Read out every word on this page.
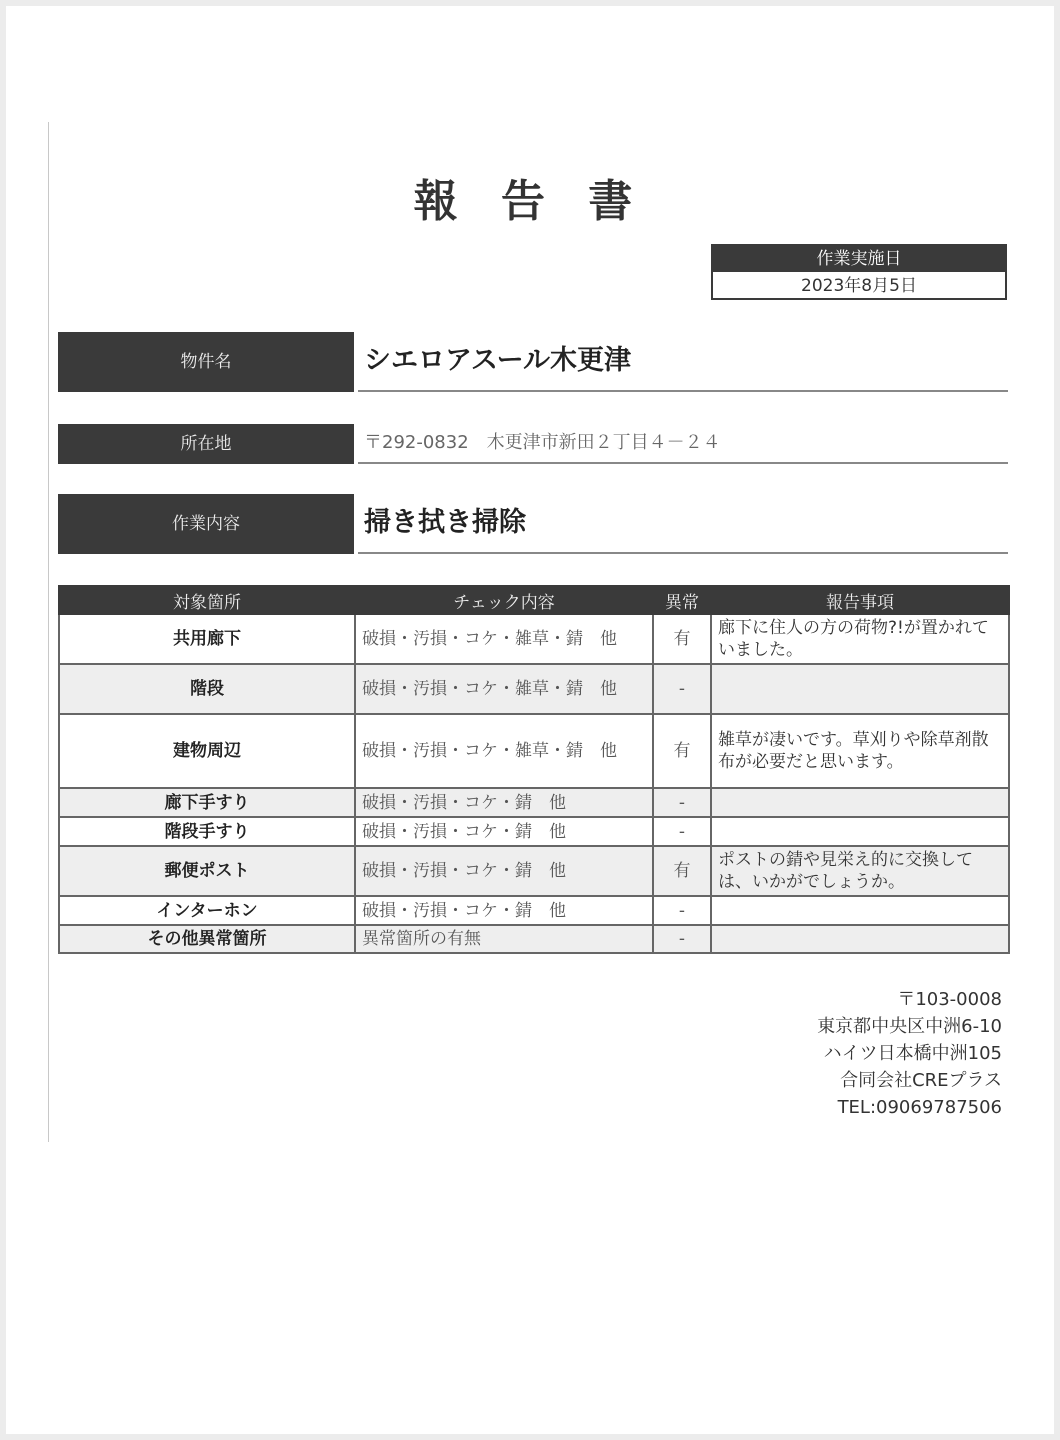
報 告 書
作業実施日
2023年8月5日
物件名	シエロアスール木更津
所在地	〒292-0832　木更津市新田２丁目４－２４
作業内容	掃き拭き掃除
対象箇所	チェック内容	異常	報告事項
共用廊下	破損・汚損・コケ・雑草・錆　他	有	廊下に住人の方の荷物?!が置かれていました。
階段	破損・汚損・コケ・雑草・錆　他	-	
建物周辺	破損・汚損・コケ・雑草・錆　他	有	雑草が凄いです。草刈りや除草剤散布が必要だと思います。
廊下手すり	破損・汚損・コケ・錆　他	-	
階段手すり	破損・汚損・コケ・錆　他	-	
郵便ポスト	破損・汚損・コケ・錆　他	有	ポストの錆や見栄え的に交換しては、いかがでしょうか。
インターホン	破損・汚損・コケ・錆　他	-	
その他異常箇所	異常箇所の有無	-	
〒103-0008
東京都中央区中洲6-10
ハイツ日本橋中洲105
合同会社CREプラス
TEL:09069787506
